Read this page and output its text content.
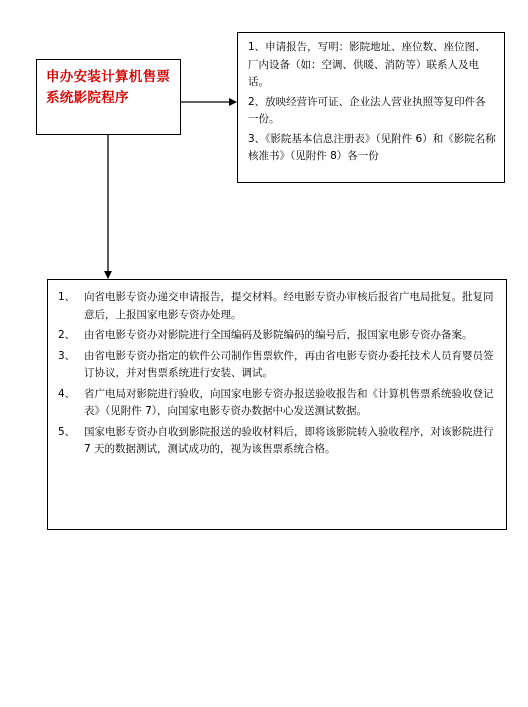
申办安装计算机售票系统影院程序
1、申请报告，写明：影院地址、座位数、座位图、厂内设备（如：空调、供暖、消防等）联系人及电话。
2、放映经营许可证、企业法人营业执照等复印件各一份。
3、《影院基本信息注册表》（见附件 6）和《影院名称核准书》（见附件 8）各一份
1、 向省电影专资办递交申请报告，提交材料。经电影专资办审核后报省广电局批复。批复同意后，上报国家电影专资办处理。
2、 由省电影专资办对影院进行全国编码及影院编码的编号后，报国家电影专资办备案。
3、 由省电影专资办指定的软件公司制作售票软件，再由省电影专资办委托技术人员育婴员签订协议，并对售票系统进行安装、调试。
4、 省广电局对影院进行验收，向国家电影专资办报送验收报告和《计算机售票系统验收登记表》（见附件 7），向国家电影专资办数据中心发送测试数据。
5、 国家电影专资办自收到影院报送的验收材料后，即将该影院转入验收程序，对该影院进行 7 天的数据测试，测试成功的，视为该售票系统合格。
